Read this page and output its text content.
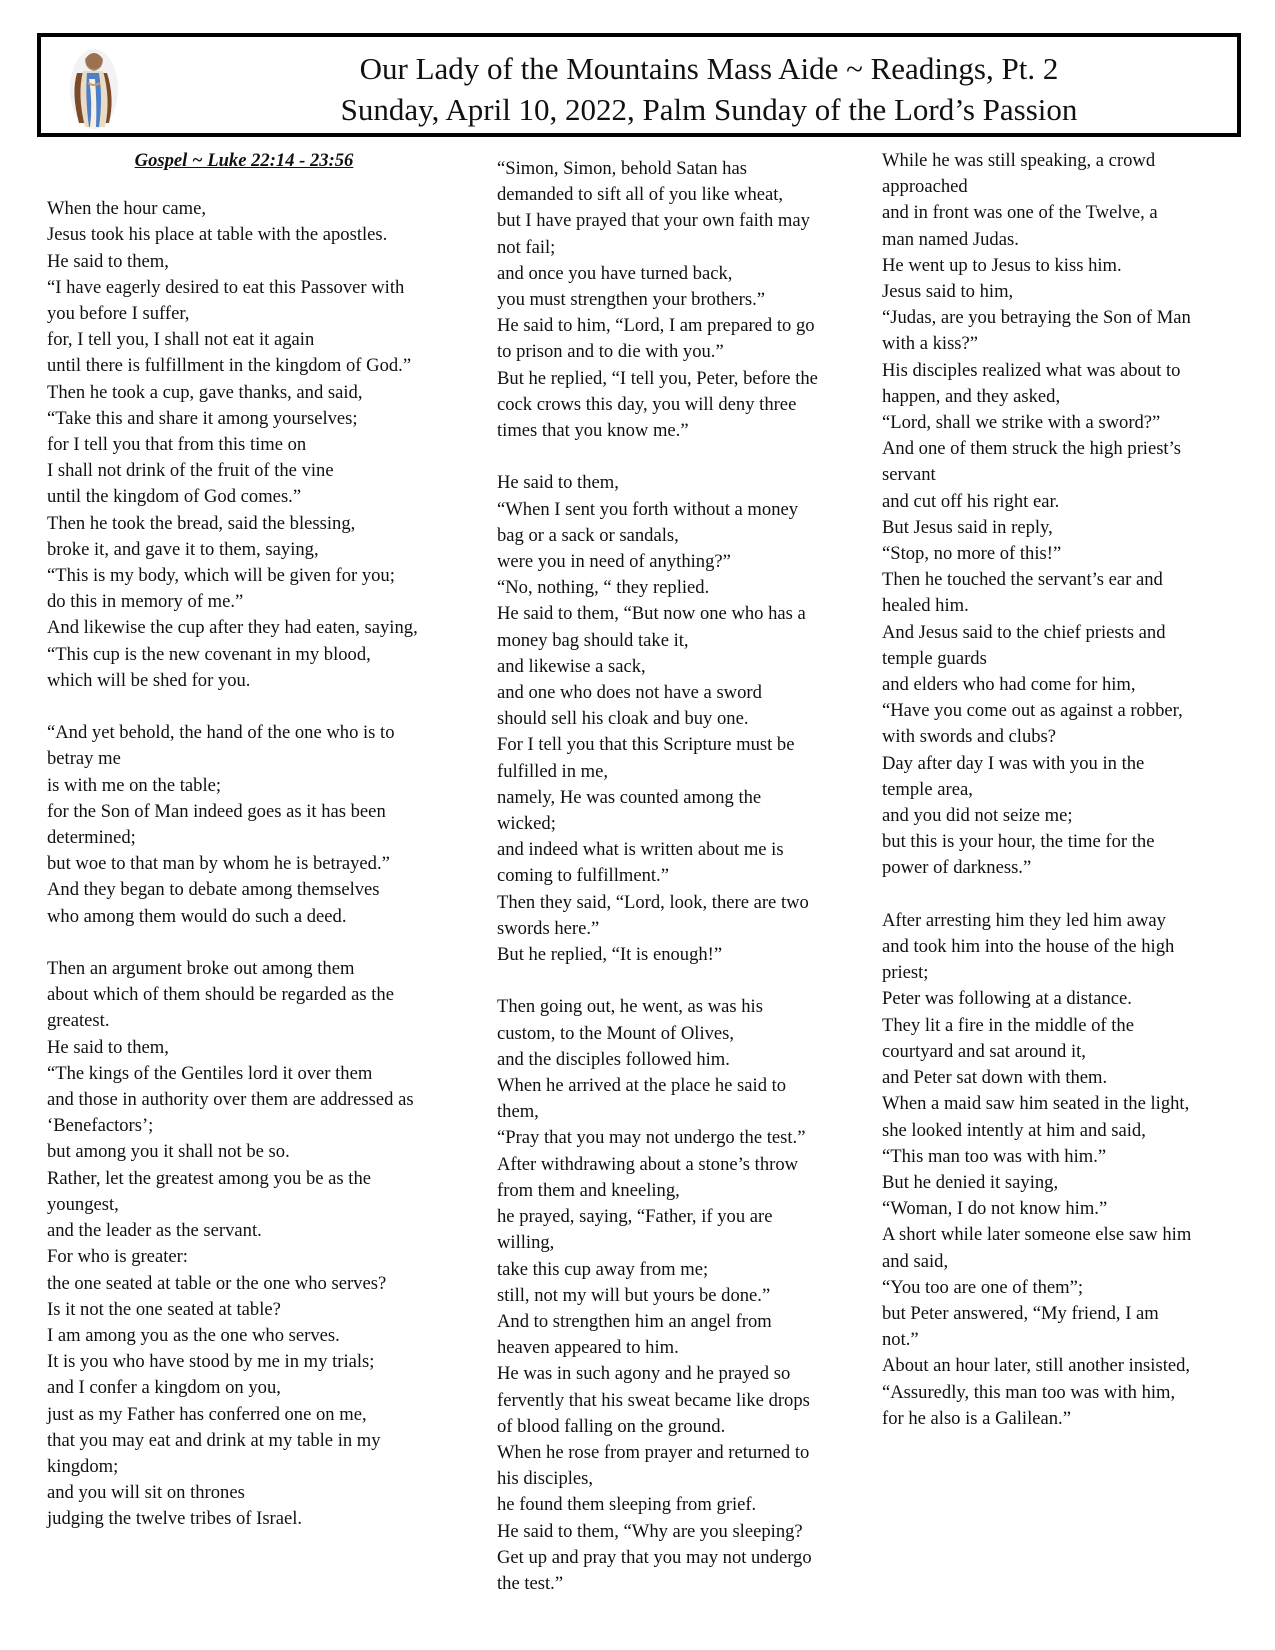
Our Lady of the Mountains Mass Aide ~ Readings, Pt. 2
Sunday, April 10, 2022, Palm Sunday of the Lord’s Passion
Gospel ~ Luke 22:14 - 23:56
When the hour came,
Jesus took his place at table with the apostles.
He said to them,
“I have eagerly desired to eat this Passover with
you before I suffer,
for, I tell you, I shall not eat it again
until there is fulfillment in the kingdom of God.”
Then he took a cup, gave thanks, and said,
“Take this and share it among yourselves;
for I tell you that from this time on
I shall not drink of the fruit of the vine
until the kingdom of God comes.”
Then he took the bread, said the blessing,
broke it, and gave it to them, saying,
“This is my body, which will be given for you;
do this in memory of me.”
And likewise the cup after they had eaten, saying,
“This cup is the new covenant in my blood,
which will be shed for you.
“And yet behold, the hand of the one who is to
betray me
is with me on the table;
for the Son of Man indeed goes as it has been
determined;
but woe to that man by whom he is betrayed.”
And they began to debate among themselves
who among them would do such a deed.
Then an argument broke out among them
about which of them should be regarded as the
greatest.
He said to them,
“The kings of the Gentiles lord it over them
and those in authority over them are addressed as
‘Benefactors’;
but among you it shall not be so.
Rather, let the greatest among you be as the
youngest,
and the leader as the servant.
For who is greater:
the one seated at table or the one who serves?
Is it not the one seated at table?
I am among you as the one who serves.
It is you who have stood by me in my trials;
and I confer a kingdom on you,
just as my Father has conferred one on me,
that you may eat and drink at my table in my
kingdom;
and you will sit on thrones
judging the twelve tribes of Israel.
“Simon, Simon, behold Satan has
demanded to sift all of you like wheat,
but I have prayed that your own faith may
not fail;
and once you have turned back,
you must strengthen your brothers.”
He said to him, “Lord, I am prepared to go
to prison and to die with you.”
But he replied, “I tell you, Peter, before the
cock crows this day, you will deny three
times that you know me.”
He said to them,
“When I sent you forth without a money
bag or a sack or sandals,
were you in need of anything?”
“No, nothing, “ they replied.
He said to them, “But now one who has a
money bag should take it,
and likewise a sack,
and one who does not have a sword
should sell his cloak and buy one.
For I tell you that this Scripture must be
fulfilled in me,
namely, He was counted among the
wicked;
and indeed what is written about me is
coming to fulfillment.”
Then they said, “Lord, look, there are two
swords here.”
But he replied, “It is enough!”
Then going out, he went, as was his
custom, to the Mount of Olives,
and the disciples followed him.
When he arrived at the place he said to
them,
“Pray that you may not undergo the test.”
After withdrawing about a stone’s throw
from them and kneeling,
he prayed, saying, “Father, if you are
willing,
take this cup away from me;
still, not my will but yours be done.”
And to strengthen him an angel from
heaven appeared to him.
He was in such agony and he prayed so
fervently that his sweat became like drops
of blood falling on the ground.
When he rose from prayer and returned to
his disciples,
he found them sleeping from grief.
He said to them, “Why are you sleeping?
Get up and pray that you may not undergo
the test.”
While he was still speaking, a crowd
approached
and in front was one of the Twelve, a
man named Judas.
He went up to Jesus to kiss him.
Jesus said to him,
“Judas, are you betraying the Son of Man
with a kiss?”
His disciples realized what was about to
happen, and they asked,
“Lord, shall we strike with a sword?”
And one of them struck the high priest’s
servant
and cut off his right ear.
But Jesus said in reply,
“Stop, no more of this!”
Then he touched the servant’s ear and
healed him.
And Jesus said to the chief priests and
temple guards
and elders who had come for him,
“Have you come out as against a robber,
with swords and clubs?
Day after day I was with you in the
temple area,
and you did not seize me;
but this is your hour, the time for the
power of darkness.”
After arresting him they led him away
and took him into the house of the high
priest;
Peter was following at a distance.
They lit a fire in the middle of the
courtyard and sat around it,
and Peter sat down with them.
When a maid saw him seated in the light,
she looked intently at him and said,
“This man too was with him.”
But he denied it saying,
“Woman, I do not know him.”
A short while later someone else saw him
and said,
“You too are one of them”;
but Peter answered, “My friend, I am
not.”
About an hour later, still another insisted,
“Assuredly, this man too was with him,
for he also is a Galilean.”
